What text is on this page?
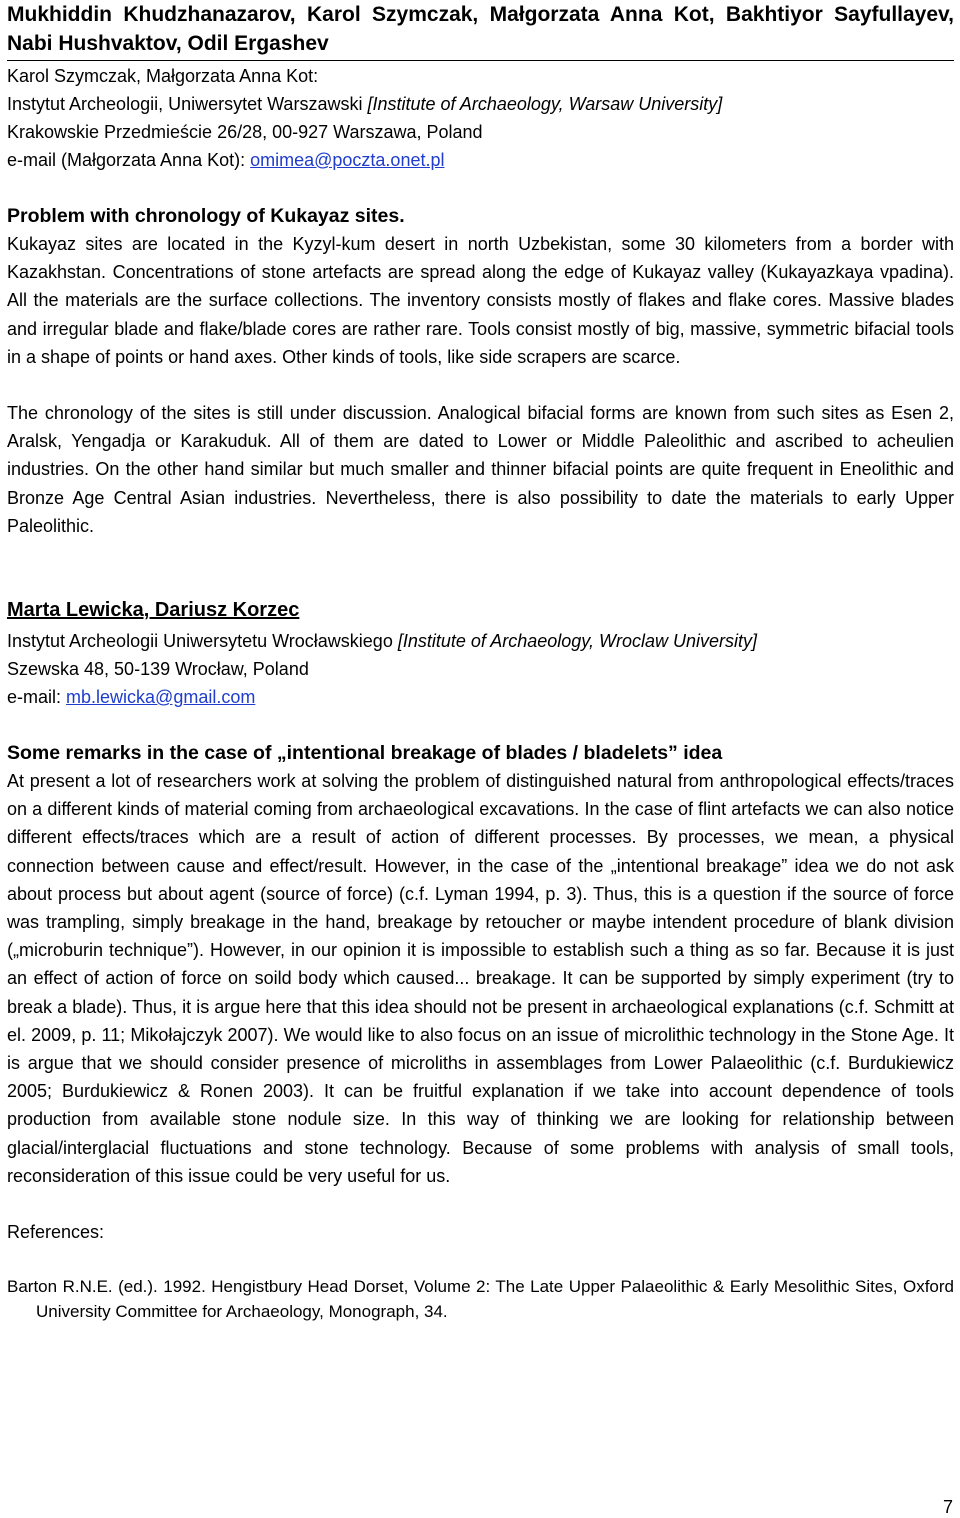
Mukhiddin Khudzhanazarov, Karol Szymczak, Małgorzata Anna Kot, Bakhtiyor Sayfullayev, Nabi Hushvaktov, Odil Ergashev

Karol Szymczak, Małgorzata Anna Kot:

Instytut Archeologii, Uniwersytet Warszawski [Institute of Archaeology, Warsaw University]

Krakowskie Przedmieście 26/28, 00-927 Warszawa, Poland

e-mail (Małgorzata Anna Kot): omimea@poczta.onet.pl

Problem with chronology of Kukayaz sites.

Kukayaz sites are located in the Kyzyl-kum desert in north Uzbekistan, some 30 kilometers from a border with Kazakhstan. Concentrations of stone artefacts are spread along the edge of Kukayaz valley (Kukayazkaya vpadina). All the materials are the surface collections. The inventory consists mostly of flakes and flake cores. Massive blades and irregular blade and flake/blade cores are rather rare. Tools consist mostly of big, massive, symmetric bifacial tools in a shape of points or hand axes. Other kinds of tools, like side scrapers are scarce.

The chronology of the sites is still under discussion. Analogical bifacial forms are known from such sites as Esen 2, Aralsk, Yengadja or Karakuduk. All of them are dated to Lower or Middle Paleolithic and ascribed to acheulien industries. On the other hand similar but much smaller and thinner bifacial points are quite frequent in Eneolithic and Bronze Age Central Asian industries. Nevertheless, there is also possibility to date the materials to early Upper Paleolithic.

Marta Lewicka, Dariusz Korzec

Instytut Archeologii Uniwersytetu Wrocławskiego [Institute of Archaeology, Wroclaw University]

Szewska 48, 50-139 Wrocław, Poland

e-mail: mb.lewicka@gmail.com

Some remarks in the case of „intentional breakage of blades / bladelets” idea

At present a lot of researchers work at solving the problem of distinguished natural from anthropological effects/traces on a different kinds of material coming from archaeological excavations. In the case of flint artefacts we can also notice different effects/traces which are a result of action of different processes. By processes, we mean, a physical connection between cause and effect/result. However, in the case of the „intentional breakage” idea we do not ask about process but about agent (source of force) (c.f. Lyman 1994, p. 3). Thus, this is a question if the source of force was trampling, simply breakage in the hand, breakage by retoucher or maybe intendent procedure of blank division („microburin technique”). However, in our opinion it is impossible to establish such a thing as so far. Because it is just an effect of action of force on soild body which caused... breakage. It can be supported by simply experiment (try to break a blade). Thus, it is argue here that this idea should not be present in archaeological explanations (c.f. Schmitt at el. 2009, p. 11; Mikołajczyk 2007). We would like to also focus on an issue of microlithic technology in the Stone Age. It is argue that we should consider presence of microliths in assemblages from Lower Palaeolithic (c.f. Burdukiewicz 2005; Burdukiewicz & Ronen 2003). It can be fruitful explanation if we take into account dependence of tools production from available stone nodule size. In this way of thinking we are looking for relationship between glacial/interglacial fluctuations and stone technology. Because of some problems with analysis of small tools, reconsideration of this issue could be very useful for us.

References:

Barton R.N.E. (ed.). 1992. Hengistbury Head Dorset, Volume 2: The Late Upper Palaeolithic & Early Mesolithic Sites, Oxford University Committee for Archaeology, Monograph, 34.

7
